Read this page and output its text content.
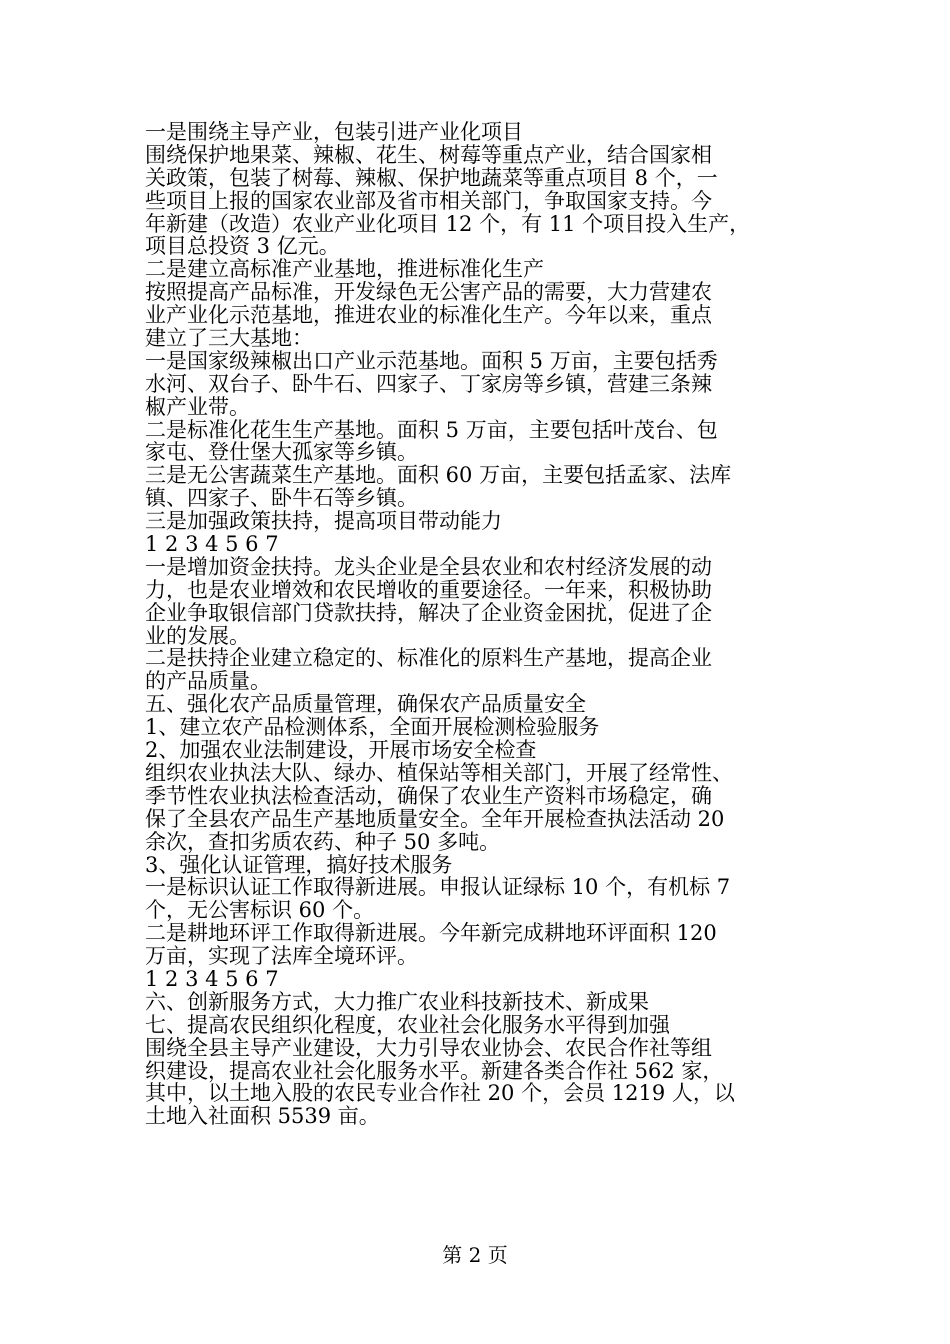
一是围绕主导产业，包装引进产业化项目
围绕保护地果菜、辣椒、花生、树莓等重点产业，结合国家相
关政策，包装了树莓、辣椒、保护地蔬菜等重点项目 8 个，一
些项目上报的国家农业部及省市相关部门，争取国家支持。今
年新建（改造）农业产业化项目 12 个，有 11 个项目投入生产，
项目总投资 3 亿元。
二是建立高标准产业基地，推进标准化生产
按照提高产品标准，开发绿色无公害产品的需要，大力营建农
业产业化示范基地，推进农业的标准化生产。今年以来，重点
建立了三大基地：
一是国家级辣椒出口产业示范基地。面积 5 万亩，主要包括秀
水河、双台子、卧牛石、四家子、丁家房等乡镇，营建三条辣
椒产业带。
二是标准化花生生产基地。面积 5 万亩，主要包括叶茂台、包
家屯、登仕堡大孤家等乡镇。
三是无公害蔬菜生产基地。面积 60 万亩，主要包括孟家、法库
镇、四家子、卧牛石等乡镇。
三是加强政策扶持，提高项目带动能力
1 2 3 4 5 6 7
一是增加资金扶持。龙头企业是全县农业和农村经济发展的动
力，也是农业增效和农民增收的重要途径。一年来，积极协助
企业争取银信部门贷款扶持，解决了企业资金困扰，促进了企
业的发展。
二是扶持企业建立稳定的、标准化的原料生产基地，提高企业
的产品质量。
五、强化农产品质量管理，确保农产品质量安全
1、建立农产品检测体系，全面开展检测检验服务
2、加强农业法制建设，开展市场安全检查
组织农业执法大队、绿办、植保站等相关部门，开展了经常性、
季节性农业执法检查活动，确保了农业生产资料市场稳定，确
保了全县农产品生产基地质量安全。全年开展检查执法活动 20
余次，查扣劣质农药、种子 50 多吨。
3、强化认证管理，搞好技术服务
一是标识认证工作取得新进展。申报认证绿标 10 个，有机标 7
个，无公害标识 60 个。
二是耕地环评工作取得新进展。今年新完成耕地环评面积 120
万亩，实现了法库全境环评。
1 2 3 4 5 6 7
六、创新服务方式，大力推广农业科技新技术、新成果
七、提高农民组织化程度，农业社会化服务水平得到加强
围绕全县主导产业建设，大力引导农业协会、农民合作社等组
织建设，提高农业社会化服务水平。新建各类合作社 562 家，
其中，以土地入股的农民专业合作社 20 个，会员 1219 人，以
土地入社面积 5539 亩。
第 2 页
